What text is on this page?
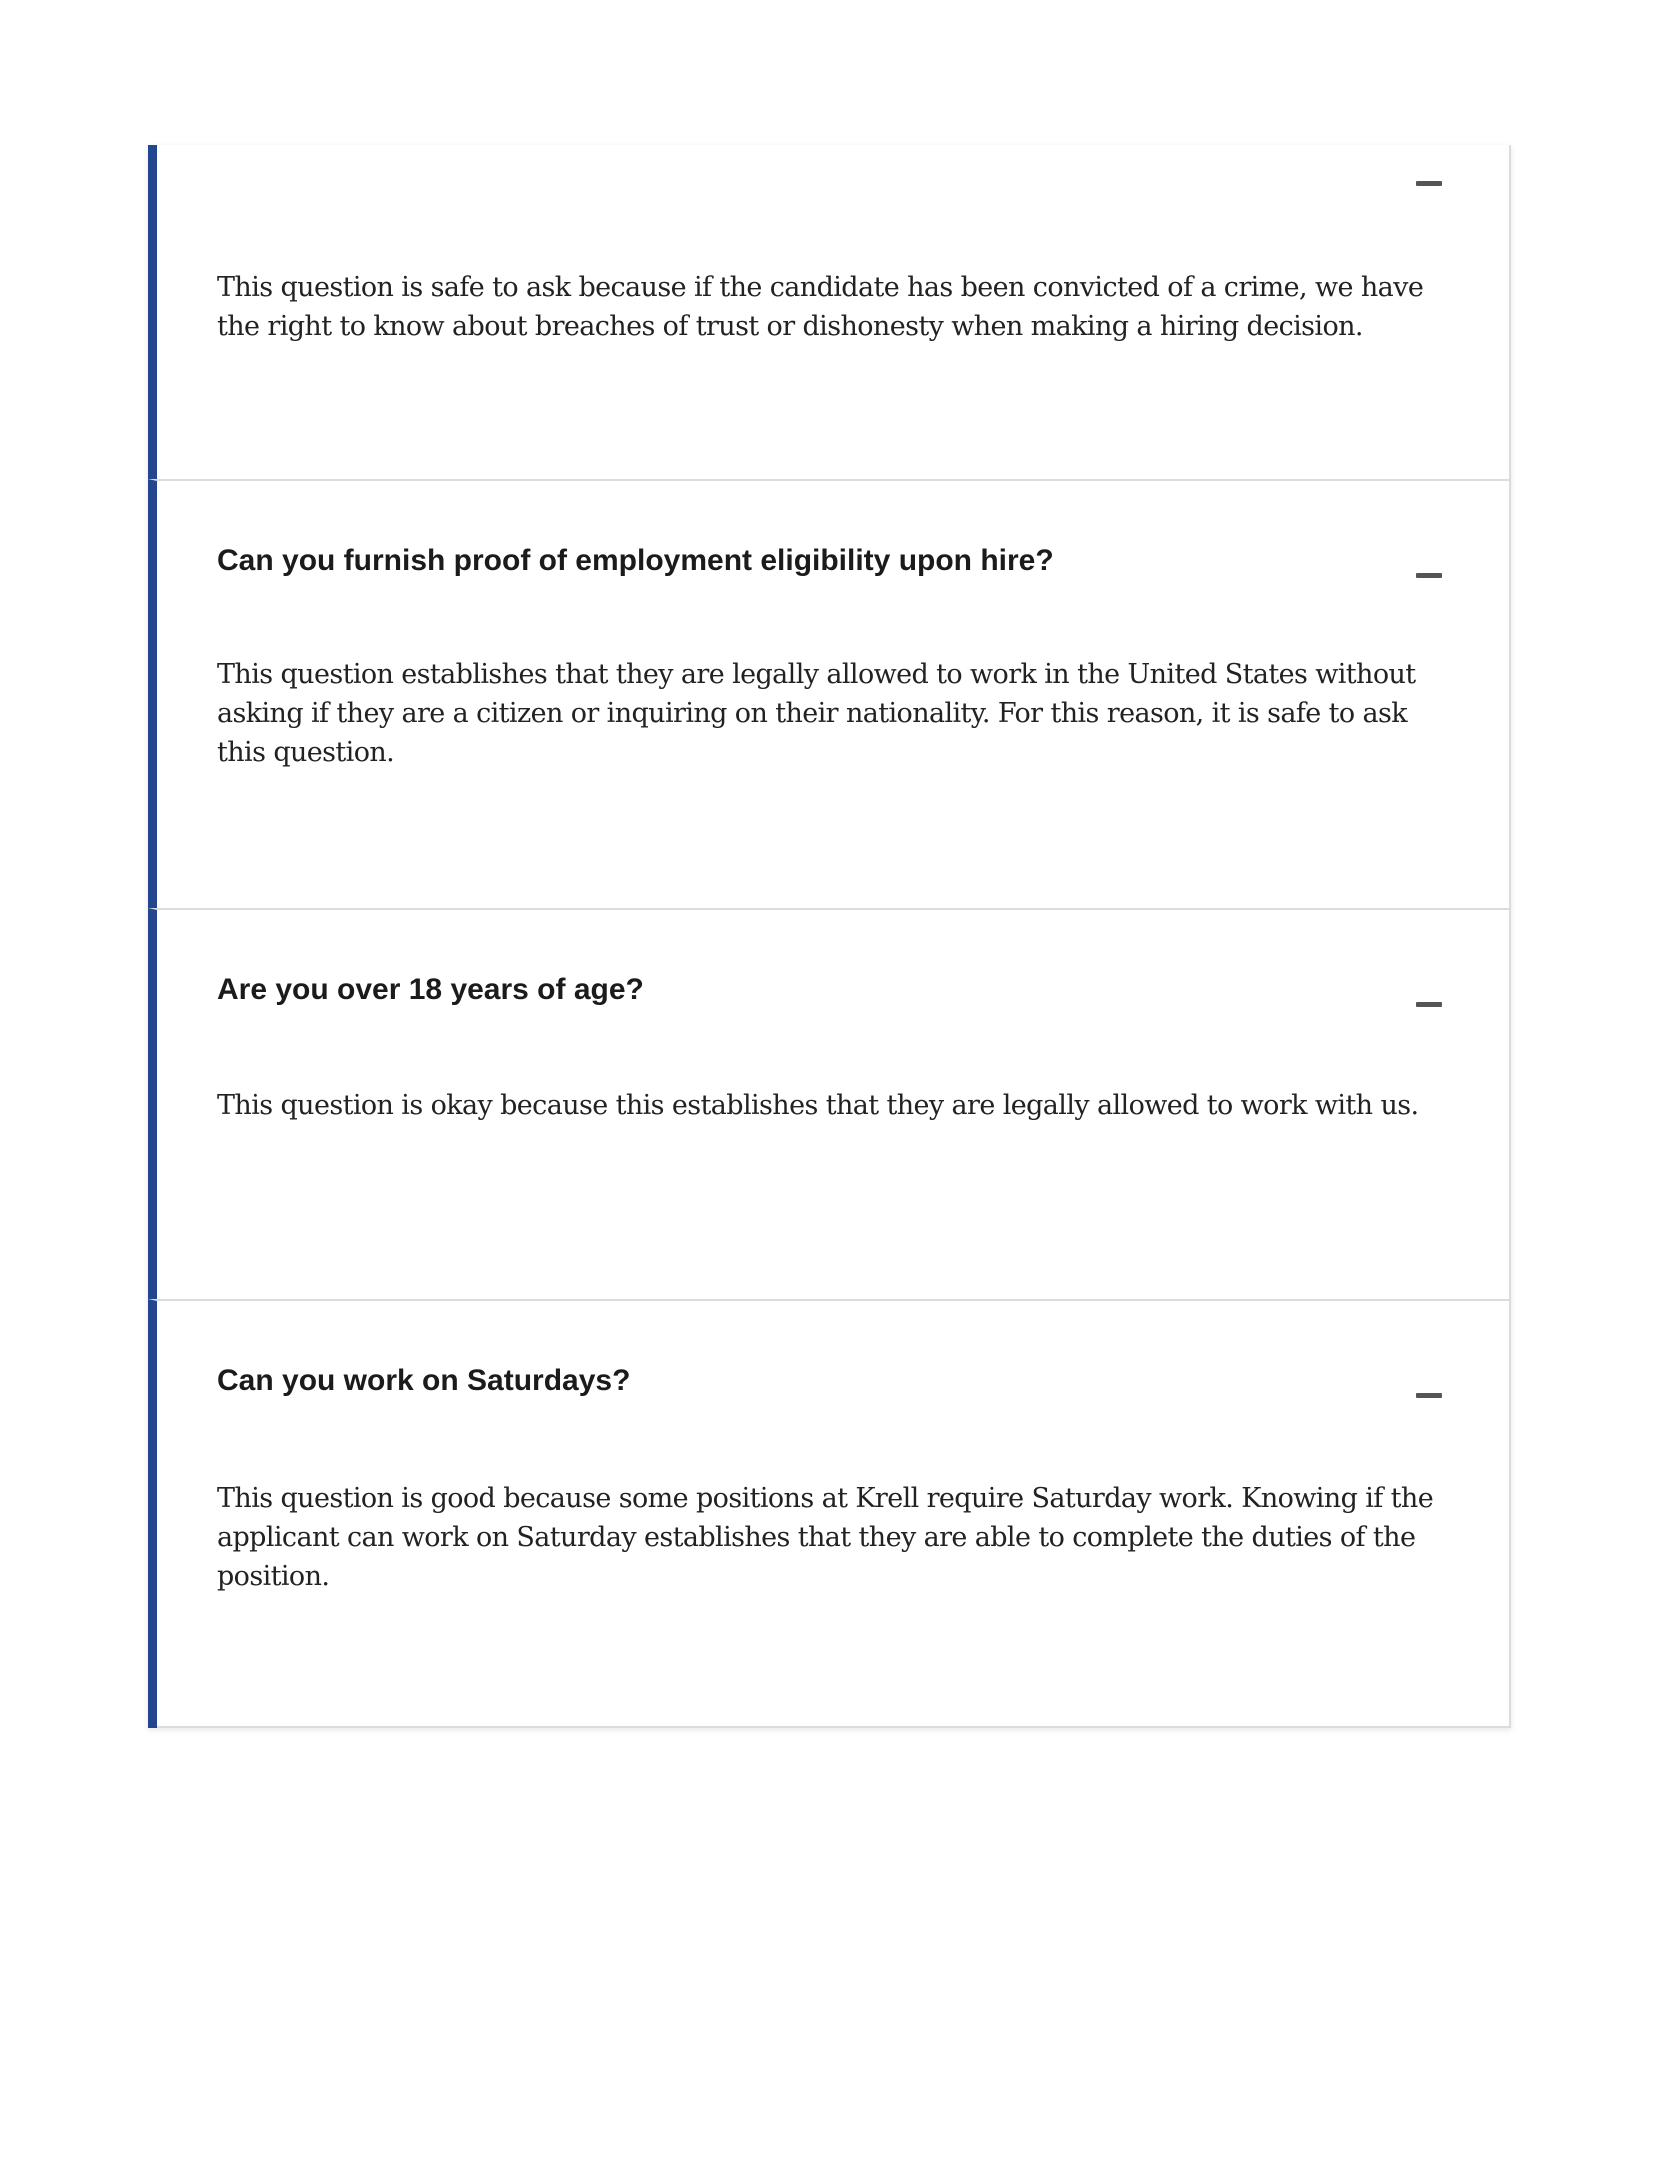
This question is safe to ask because if the candidate has been convicted of a crime, we have the right to know about breaches of trust or dishonesty when making a hiring decision.

Can you furnish proof of employment eligibility upon hire?

This question establishes that they are legally allowed to work in the United States without asking if they are a citizen or inquiring on their nationality. For this reason, it is safe to ask this question.

Are you over 18 years of age?

This question is okay because this establishes that they are legally allowed to work with us.

Can you work on Saturdays?

This question is good because some positions at Krell require Saturday work. Knowing if the applicant can work on Saturday establishes that they are able to complete the duties of the position.
